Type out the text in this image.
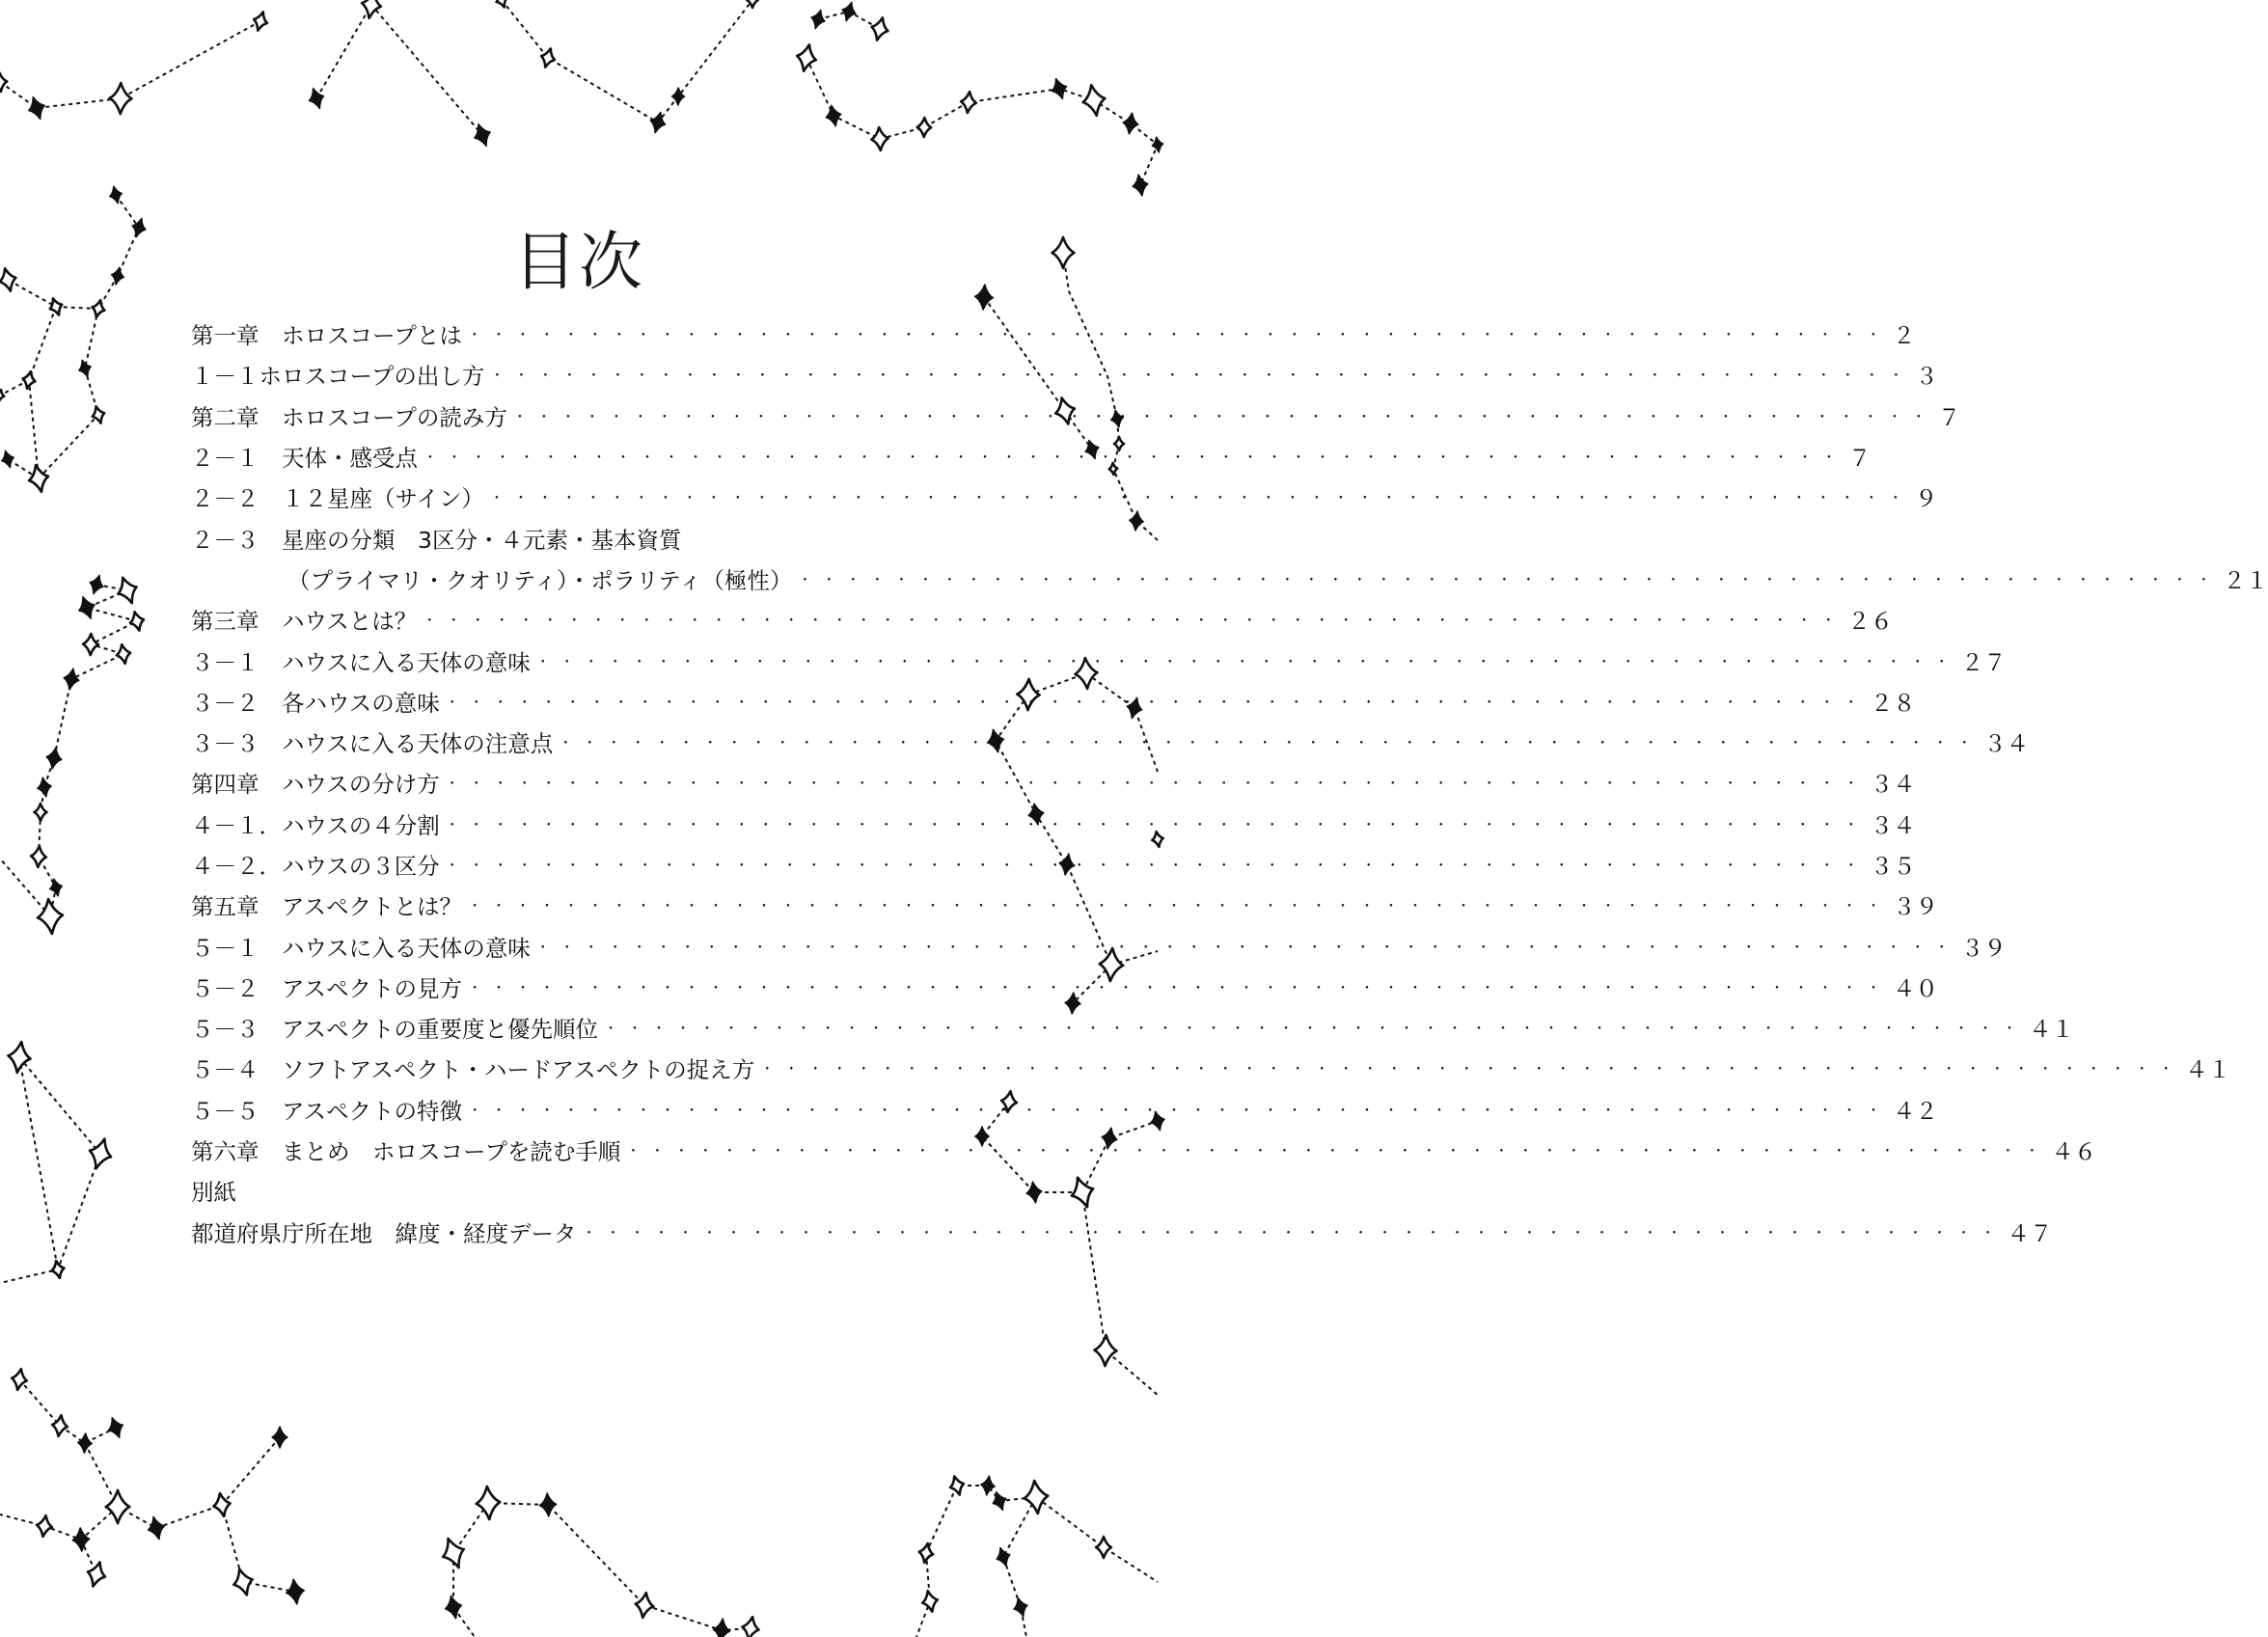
目次
第一章　ホロスコープとは ・・・・・・・・・・・・・・・・・・・・・・・・・・・・・・・・・・・・・・・・・・・・・・・・・・・・・・・・・・・ ２
１－１ホロスコープの出し方 ・・・・・・・・・・・・・・・・・・・・・・・・・・・・・・・・・・・・・・・・・・・・・・・・・・・・・・・・・・・ ３
第二章　ホロスコープの読み方 ・・・・・・・・・・・・・・・・・・・・・・・・・・・・・・・・・・・・・・・・・・・・・・・・・・・・・・・・・・・ ７
２－１　天体・感受点 ・・・・・・・・・・・・・・・・・・・・・・・・・・・・・・・・・・・・・・・・・・・・・・・・・・・・・・・・・・・ ７
２－２　１２星座（サイン） ・・・・・・・・・・・・・・・・・・・・・・・・・・・・・・・・・・・・・・・・・・・・・・・・・・・・・・・・・・・ ９
２－３　星座の分類　3区分・４元素・基本資質
（プライマリ・クオリティ）・ポラリティ（極性） ・・・・・・・・・・・・・・・・・・・・・・・・・・・・・・・・・・・・・・・・・・・・・・・・・・・・・・・・・・・ ２１
第三章　ハウスとは？ ・・・・・・・・・・・・・・・・・・・・・・・・・・・・・・・・・・・・・・・・・・・・・・・・・・・・・・・・・・・ ２６
３－１　ハウスに入る天体の意味 ・・・・・・・・・・・・・・・・・・・・・・・・・・・・・・・・・・・・・・・・・・・・・・・・・・・・・・・・・・・ ２７
３－２　各ハウスの意味 ・・・・・・・・・・・・・・・・・・・・・・・・・・・・・・・・・・・・・・・・・・・・・・・・・・・・・・・・・・・ ２８
３－３　ハウスに入る天体の注意点 ・・・・・・・・・・・・・・・・・・・・・・・・・・・・・・・・・・・・・・・・・・・・・・・・・・・・・・・・・・・ ３４
第四章　ハウスの分け方 ・・・・・・・・・・・・・・・・・・・・・・・・・・・・・・・・・・・・・・・・・・・・・・・・・・・・・・・・・・・ ３４
４－１．ハウスの４分割 ・・・・・・・・・・・・・・・・・・・・・・・・・・・・・・・・・・・・・・・・・・・・・・・・・・・・・・・・・・・ ３４
４－２．ハウスの３区分 ・・・・・・・・・・・・・・・・・・・・・・・・・・・・・・・・・・・・・・・・・・・・・・・・・・・・・・・・・・・ ３５
第五章　アスペクトとは？ ・・・・・・・・・・・・・・・・・・・・・・・・・・・・・・・・・・・・・・・・・・・・・・・・・・・・・・・・・・・ ３９
５－１　ハウスに入る天体の意味 ・・・・・・・・・・・・・・・・・・・・・・・・・・・・・・・・・・・・・・・・・・・・・・・・・・・・・・・・・・・ ３９
５－２　アスペクトの見方 ・・・・・・・・・・・・・・・・・・・・・・・・・・・・・・・・・・・・・・・・・・・・・・・・・・・・・・・・・・・ ４０
５－３　アスペクトの重要度と優先順位 ・・・・・・・・・・・・・・・・・・・・・・・・・・・・・・・・・・・・・・・・・・・・・・・・・・・・・・・・・・・ ４１
５－４　ソフトアスペクト・ハードアスペクトの捉え方 ・・・・・・・・・・・・・・・・・・・・・・・・・・・・・・・・・・・・・・・・・・・・・・・・・・・・・・・・・・・ ４１
５－５　アスペクトの特徴 ・・・・・・・・・・・・・・・・・・・・・・・・・・・・・・・・・・・・・・・・・・・・・・・・・・・・・・・・・・・ ４２
第六章　まとめ　ホロスコープを読む手順 ・・・・・・・・・・・・・・・・・・・・・・・・・・・・・・・・・・・・・・・・・・・・・・・・・・・・・・・・・・・ ４６
別紙
都道府県庁所在地　緯度・経度データ ・・・・・・・・・・・・・・・・・・・・・・・・・・・・・・・・・・・・・・・・・・・・・・・・・・・・・・・・・・・ ４７
